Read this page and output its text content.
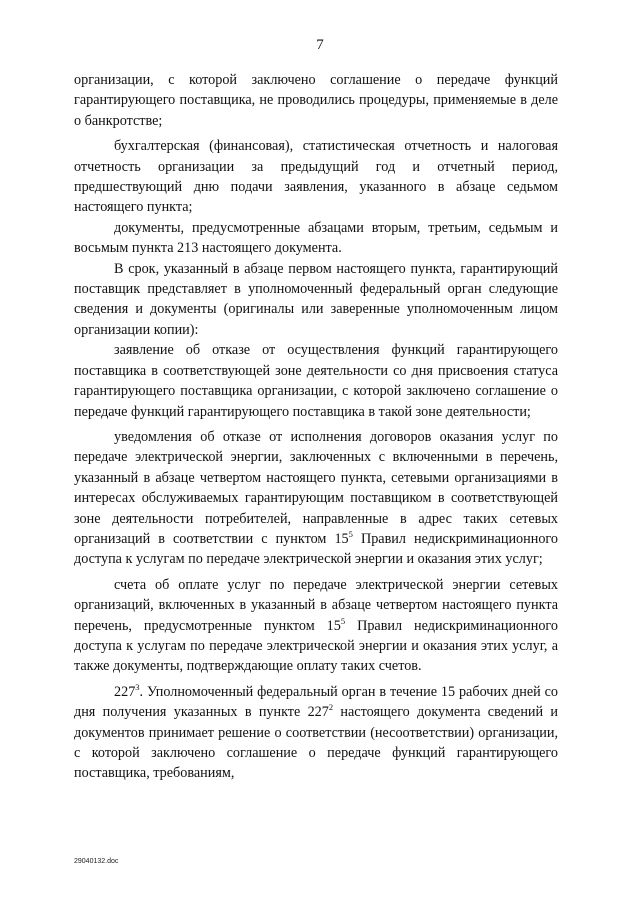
7

организации, с которой заключено соглашение о передаче функций гарантирующего поставщика, не проводились процедуры, применяемые в деле о банкротстве;

бухгалтерская (финансовая), статистическая отчетность и налоговая отчетность организации за предыдущий год и отчетный период, предшествующий дню подачи заявления, указанного в абзаце седьмом настоящего пункта;

документы, предусмотренные абзацами вторым, третьим, седьмым и восьмым пункта 213 настоящего документа.

В срок, указанный в абзаце первом настоящего пункта, гарантирующий поставщик представляет в уполномоченный федеральный орган следующие сведения и документы (оригиналы или заверенные уполномоченным лицом организации копии):

заявление об отказе от осуществления функций гарантирующего поставщика в соответствующей зоне деятельности со дня присвоения статуса гарантирующего поставщика организации, с которой заключено соглашение о передаче функций гарантирующего поставщика в такой зоне деятельности;

уведомления об отказе от исполнения договоров оказания услуг по передаче электрической энергии, заключенных с включенными в перечень, указанный в абзаце четвертом настоящего пункта, сетевыми организациями в интересах обслуживаемых гарантирующим поставщиком в соответствующей зоне деятельности потребителей, направленные в адрес таких сетевых организаций в соответствии с пунктом $15^5$ Правил недискриминационного доступа к услугам по передаче электрической энергии и оказания этих услуг;

счета об оплате услуг по передаче электрической энергии сетевых организаций, включенных в указанный в абзаце четвертом настоящего пункта перечень, предусмотренные пунктом $15^5$ Правил недискриминационного доступа к услугам по передаче электрической энергии и оказания этих услуг, а также документы, подтверждающие оплату таких счетов.

$227^3$. Уполномоченный федеральный орган в течение 15 рабочих дней со дня получения указанных в пункте $227^2$ настоящего документа сведений и документов принимает решение о соответствии (несоответствии) организации, с которой заключено соглашение о передаче функций гарантирующего поставщика, требованиям,

29040132.doc
